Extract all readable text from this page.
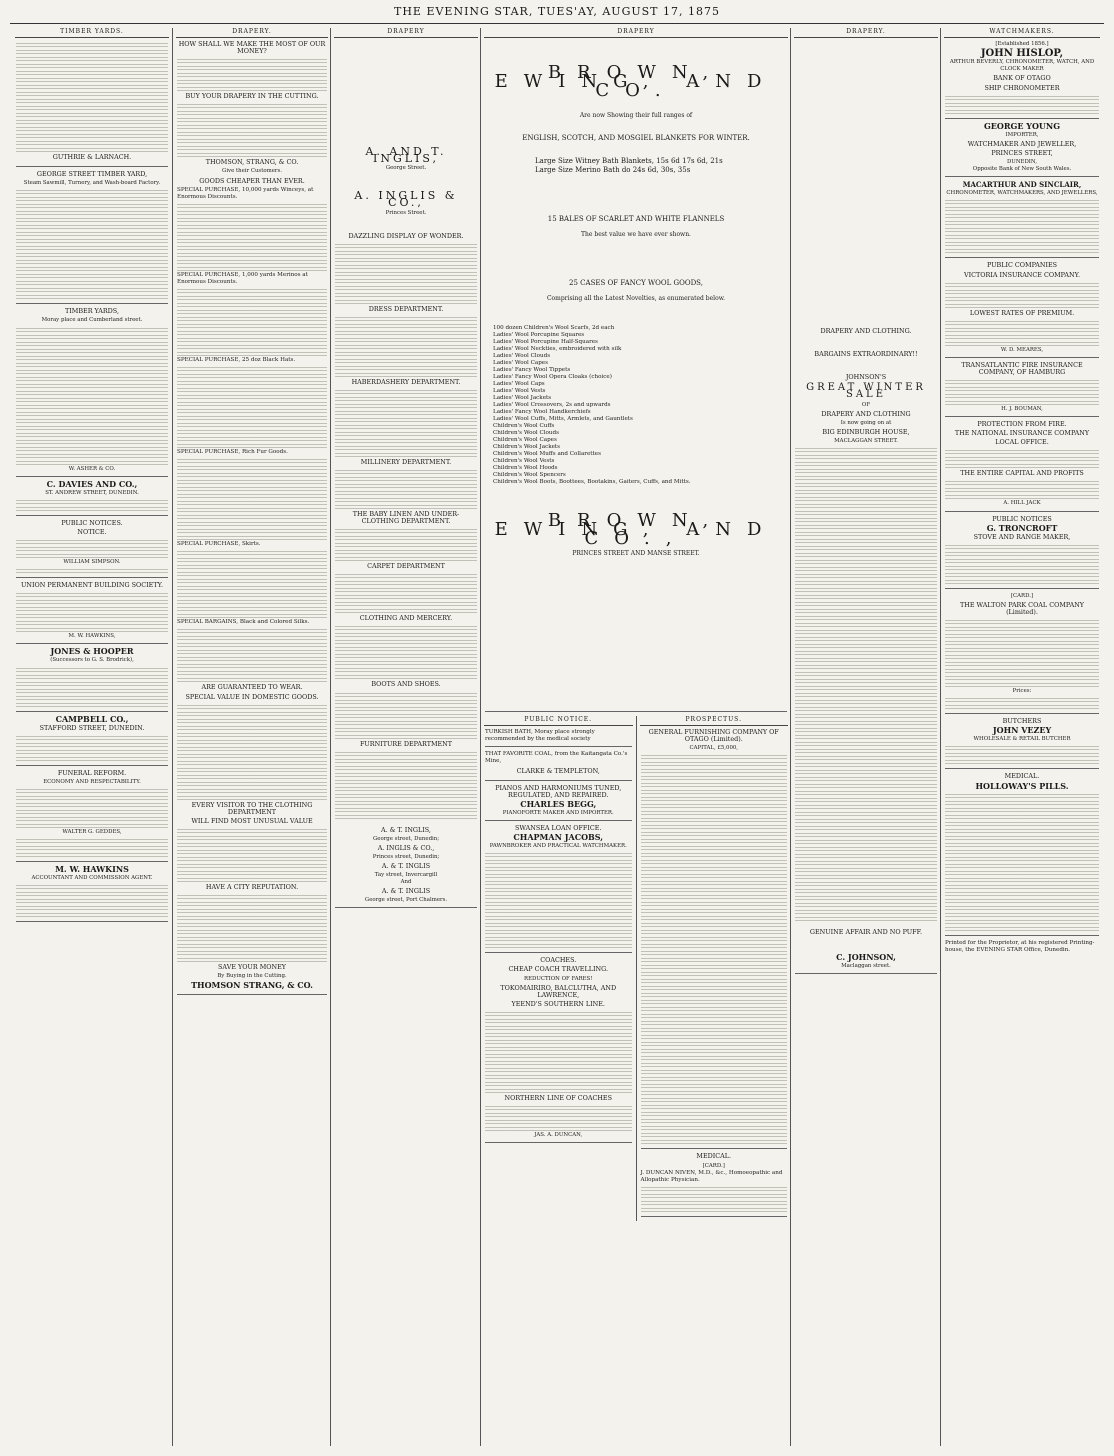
THE EVENING STAR, TUES'AY, AUGUST 17, 1875
TIMBER YARDS.
GUTHRIE & LARNACH.
GEORGE STREET TIMBER YARD,
Steam Sawmill, Turnery, and Wash-board Factory.
TIMBER YARDS,
Moray place and Cumberland street.
W. ASHER & CO.
C. DAVIES AND CO.,
ST. ANDREW STREET, DUNEDIN.
PUBLIC NOTICES.
NOTICE.
WILLIAM SIMPSON.
UNION PERMANENT BUILDING SOCIETY.
M. W. HAWKINS,
JONES & HOOPER
(Successors to G. S. Brodrick),
CAMPBELL CO.,
STAFFORD STREET, DUNEDIN.
FUNERAL REFORM.
ECONOMY AND RESPECTABILITY.
WALTER G. GEDDES,
M. W. HAWKINS
ACCOUNTANT AND COMMISSION AGENT.
DRAPERY.
HOW SHALL WE MAKE THE MOST OF OUR MONEY?
BUY YOUR DRAPERY IN THE CUTTING.
THOMSON, STRANG, & CO.
Give their Customers.
GOODS CHEAPER THAN EVER.
SPECIAL PURCHASE, 10,000 yards Winceys, at Enormous Discounts.
SPECIAL PURCHASE, 1,000 yards Merinos at Enormous Discounts.
SPECIAL PURCHASE, 25 doz Black Hats.
SPECIAL PURCHASE, Rich Fur Goods.
SPECIAL PURCHASE, Skirts.
SPECIAL BARGAINS, Black and Colored Silks.
ARE GUARANTEED TO WEAR.
SPECIAL VALUE IN DOMESTIC GOODS.
EVERY VISITOR TO THE CLOTHING DEPARTMENT
WILL FIND MOST UNUSUAL VALUE
HAVE A CITY REPUTATION.
SAVE YOUR MONEY
By Buying in the Cutting.
THOMSON STRANG, & CO.
DRAPERY
A. AND T. INGLIS,
George Street.
A. INGLIS & CO.,
Princes Street.
DAZZLING DISPLAY OF WONDER.
DRESS DEPARTMENT.
HABERDASHERY DEPARTMENT.
MILLINERY DEPARTMENT.
THE BABY LINEN AND UNDER-CLOTHING DEPARTMENT.
CARPET DEPARTMENT
CLOTHING AND MERCERY.
BOOTS AND SHOES.
FURNITURE DEPARTMENT
A. & T. INGLIS,
George street, Dunedin;
A. INGLIS & CO.,
Princes street, Dunedin;
A. & T. INGLIS
Tay street, Invercargill
And
A. & T. INGLIS
George street, Port Chalmers.
DRAPERY
BROWN, EWING, AND CO.
Are now Showing their full ranges of
ENGLISH, SCOTCH, AND MOSGIEL BLANKETS FOR WINTER.
Large Size Witney Bath Blankets, 15s 6d 17s 6d, 21s
Large Size Merino Bath do 24s 6d, 30s, 35s
15 BALES OF SCARLET AND WHITE FLANNELS
The best value we have ever shown.
25 CASES OF FANCY WOOL GOODS,
Comprising all the Latest Novelties, as enumerated below.
100 dozen Children's Wool Scarfs, 2d each
Ladies' Wool Porcupine Squares
Ladies' Wool Porcupine Half-Squares
Ladies' Wool Neckties, embroidered with silk
Ladies' Wool Clouds
Ladies' Wool Capes
Ladies' Fancy Wool Tippets
Ladies' Fancy Wool Opera Cloaks (choice)
Ladies' Wool Caps
Ladies' Wool Vests
Ladies' Wool Jackets
Ladies' Wool Crossovers, 2s and upwards
Ladies' Fancy Wool Handkerchiefs
Ladies' Wool Cuffs, Mitts, Armlets, and Gauntlets
Children's Wool Cuffs
Children's Wool Clouds
Children's Wool Capes
Children's Wool Jackets
Children's Wool Muffs and Collarettes
Children's Wool Vests
Children's Wool Hoods
Children's Wool Spencers
Children's Wool Boots, Boottees, Bootakins, Gaiters, Cuffs, and Mitts.
BROWN, EWING, AND CO.,
PRINCES STREET AND MANSE STREET.
PUBLIC NOTICE.
TURKISH BATH, Moray place strongly recommended by the medical society
THAT FAVORITE COAL, from the Kaitangata Co.'s Mine,
CLARKE & TEMPLETON,
PIANOS AND HARMONIUMS TUNED, REGULATED, AND REPAIRED.
CHARLES BEGG,
PIANOFORTE MAKER AND IMPORTER.
SWANSEA LOAN OFFICE.
CHAPMAN JACOBS,
PAWNBROKER AND PRACTICAL WATCHMAKER.
COACHES.
CHEAP COACH TRAVELLING.
REDUCTION OF FARES!
TOKOMAIRIRO, BALCLUTHA, AND LAWRENCE,
YEEND'S SOUTHERN LINE.
NORTHERN LINE OF COACHES
JAS. A. DUNCAN,
PROSPECTUS.
GENERAL FURNISHING COMPANY OF OTAGO (Limited).
CAPITAL, £5,000,
MEDICAL.
[CARD.]
J. DUNCAN NIVEN, M.D., &c., Homoeopathic and Allopathic Physician.
DRAPERY.
DRAPERY AND CLOTHING.
BARGAINS EXTRAORDINARY!!
JOHNSON'S
GREAT WINTER SALE
OF
DRAPERY AND CLOTHING
Is now going on at
BIG EDINBURGH HOUSE,
MACLAGGAN STREET.
GENUINE AFFAIR AND NO PUFF.
C. JOHNSON,
Maclaggan street.
WATCHMAKERS.
[Established 1856.]
JOHN HISLOP,
ARTHUR BEVERLY, CHRONOMETER, WATCH, AND CLOCK MAKER
BANK OF OTAGO
SHIP CHRONOMETER
GEORGE YOUNG
IMPORTER,
WATCHMAKER AND JEWELLER,
PRINCES STREET,
DUNEDIN,
Opposite Bank of New South Wales.
MACARTHUR AND SINCLAIR,
CHRONOMETER, WATCHMAKERS, AND JEWELLERS,
PUBLIC COMPANIES
VICTORIA INSURANCE COMPANY.
LOWEST RATES OF PREMIUM.
W. D. MEARES,
TRANSATLANTIC FIRE INSURANCE COMPANY, OF HAMBURG
H. J. BOUMAN,
PROTECTION FROM FIRE.
THE NATIONAL INSURANCE COMPANY
LOCAL OFFICE.
THE ENTIRE CAPITAL AND PROFITS
A. HILL JACK
PUBLIC NOTICES
G. TRONCROFT
STOVE AND RANGE MAKER,
[CARD.]
THE WALTON PARK COAL COMPANY (Limited).
Prices:
BUTCHERS
JOHN VEZEY
WHOLESALE & RETAIL BUTCHER
MEDICAL.
HOLLOWAY'S PILLS.
Printed for the Proprietor, at his registered Printing-house, the EVENING STAR Office, Dunedin.
